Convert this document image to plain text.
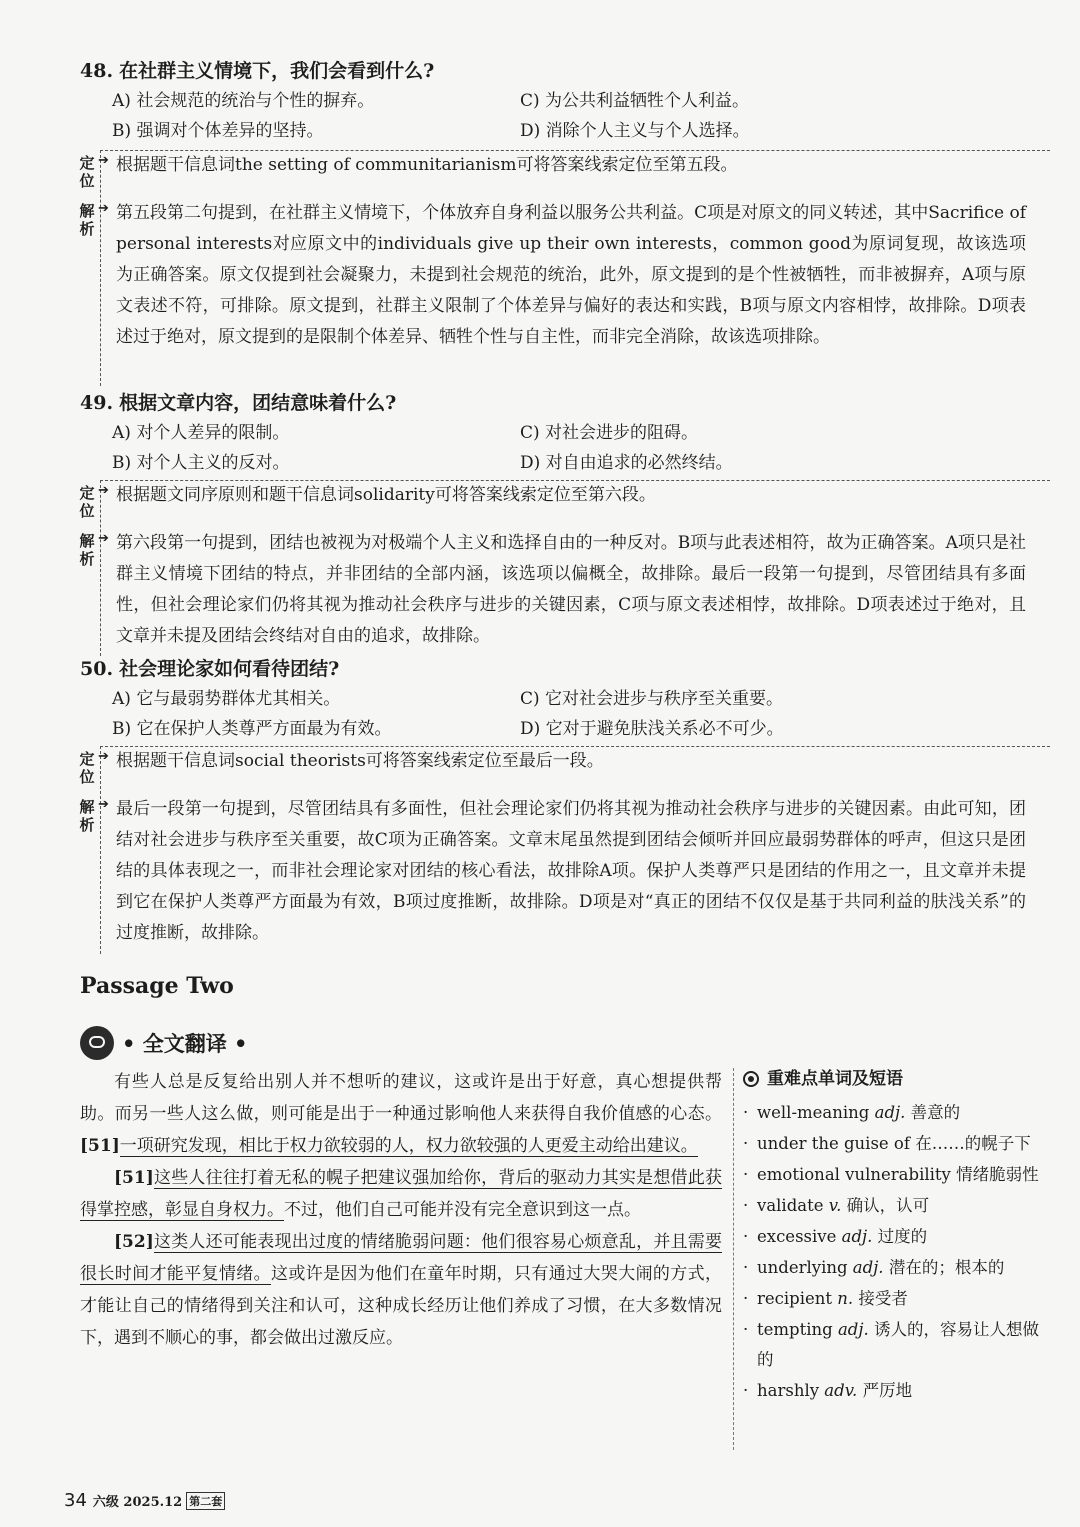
48. 在社群主义情境下，我们会看到什么?
A) 社会规范的统治与个性的摒弃。	C) 为公共利益牺牲个人利益。
B) 强调对个体差异的坚持。	D) 消除个人主义与个人选择。
定
位
➔ 根据题干信息词the setting of communitarianism可将答案线索定位至第五段。
解
析
➔ 第五段第二句提到，在社群主义情境下，个体放弃自身利益以服务公共利益。C项是对原文的同义转述，其中Sacrifice of personal interests对应原文中的individuals give up their own interests，common good为原词复现，故该选项为正确答案。原文仅提到社会凝聚力，未提到社会规范的统治，此外，原文提到的是个性被牺牲，而非被摒弃，A项与原文表述不符，可排除。原文提到，社群主义限制了个体差异与偏好的表达和实践，B项与原文内容相悖，故排除。D项表述过于绝对，原文提到的是限制个体差异、牺牲个性与自主性，而非完全消除，故该选项排除。
49. 根据文章内容，团结意味着什么?
A) 对个人差异的限制。	C) 对社会进步的阻碍。
B) 对个人主义的反对。	D) 对自由追求的必然终结。
定
位
➔ 根据题文同序原则和题干信息词solidarity可将答案线索定位至第六段。
解
析
➔ 第六段第一句提到，团结也被视为对极端个人主义和选择自由的一种反对。B项与此表述相符，故为正确答案。A项只是社群主义情境下团结的特点，并非团结的全部内涵，该选项以偏概全，故排除。最后一段第一句提到，尽管团结具有多面性，但社会理论家们仍将其视为推动社会秩序与进步的关键因素，C项与原文表述相悖，故排除。D项表述过于绝对，且文章并未提及团结会终结对自由的追求，故排除。
50. 社会理论家如何看待团结?
A) 它与最弱势群体尤其相关。	C) 它对社会进步与秩序至关重要。
B) 它在保护人类尊严方面最为有效。	D) 它对于避免肤浅关系必不可少。
定
位
➔ 根据题干信息词social theorists可将答案线索定位至最后一段。
解
析
➔ 最后一段第一句提到，尽管团结具有多面性，但社会理论家们仍将其视为推动社会秩序与进步的关键因素。由此可知，团结对社会进步与秩序至关重要，故C项为正确答案。文章末尾虽然提到团结会倾听并回应最弱势群体的呼声，但这只是团结的具体表现之一，而非社会理论家对团结的核心看法，故排除A项。保护人类尊严只是团结的作用之一，且文章并未提到它在保护人类尊严方面最为有效，B项过度推断，故排除。D项是对“真正的团结不仅仅是基于共同利益的肤浅关系”的过度推断，故排除。
Passage Two
• 全文翻译 •

有些人总是反复给出别人并不想听的建议，这或许是出于好意，真心想提供帮助。而另一些人这么做，则可能是出于一种通过影响他人来获得自我价值感的心态。[51]一项研究发现，相比于权力欲较弱的人，权力欲较强的人更爱主动给出建议。

[51]这些人往往打着无私的幌子把建议强加给你，背后的驱动力其实是想借此获得掌控感，彰显自身权力。不过，他们自己可能并没有完全意识到这一点。

[52]这类人还可能表现出过度的情绪脆弱问题：他们很容易心烦意乱，并且需要很长时间才能平复情绪。这或许是因为他们在童年时期，只有通过大哭大闹的方式，才能让自己的情绪得到关注和认可，这种成长经历让他们养成了习惯，在大多数情况下，遇到不顺心的事，都会做出过激反应。

重难点单词及短语
· well-meaning adj. 善意的
· under the guise of 在……的幌子下
· emotional vulnerability 情绪脆弱性
· validate v. 确认，认可
· excessive adj. 过度的
· underlying adj. 潜在的；根本的
· recipient n. 接受者
· tempting adj. 诱人的，容易让人想做的
· harshly adv. 严厉地
34 六级 2025.12 第二套
